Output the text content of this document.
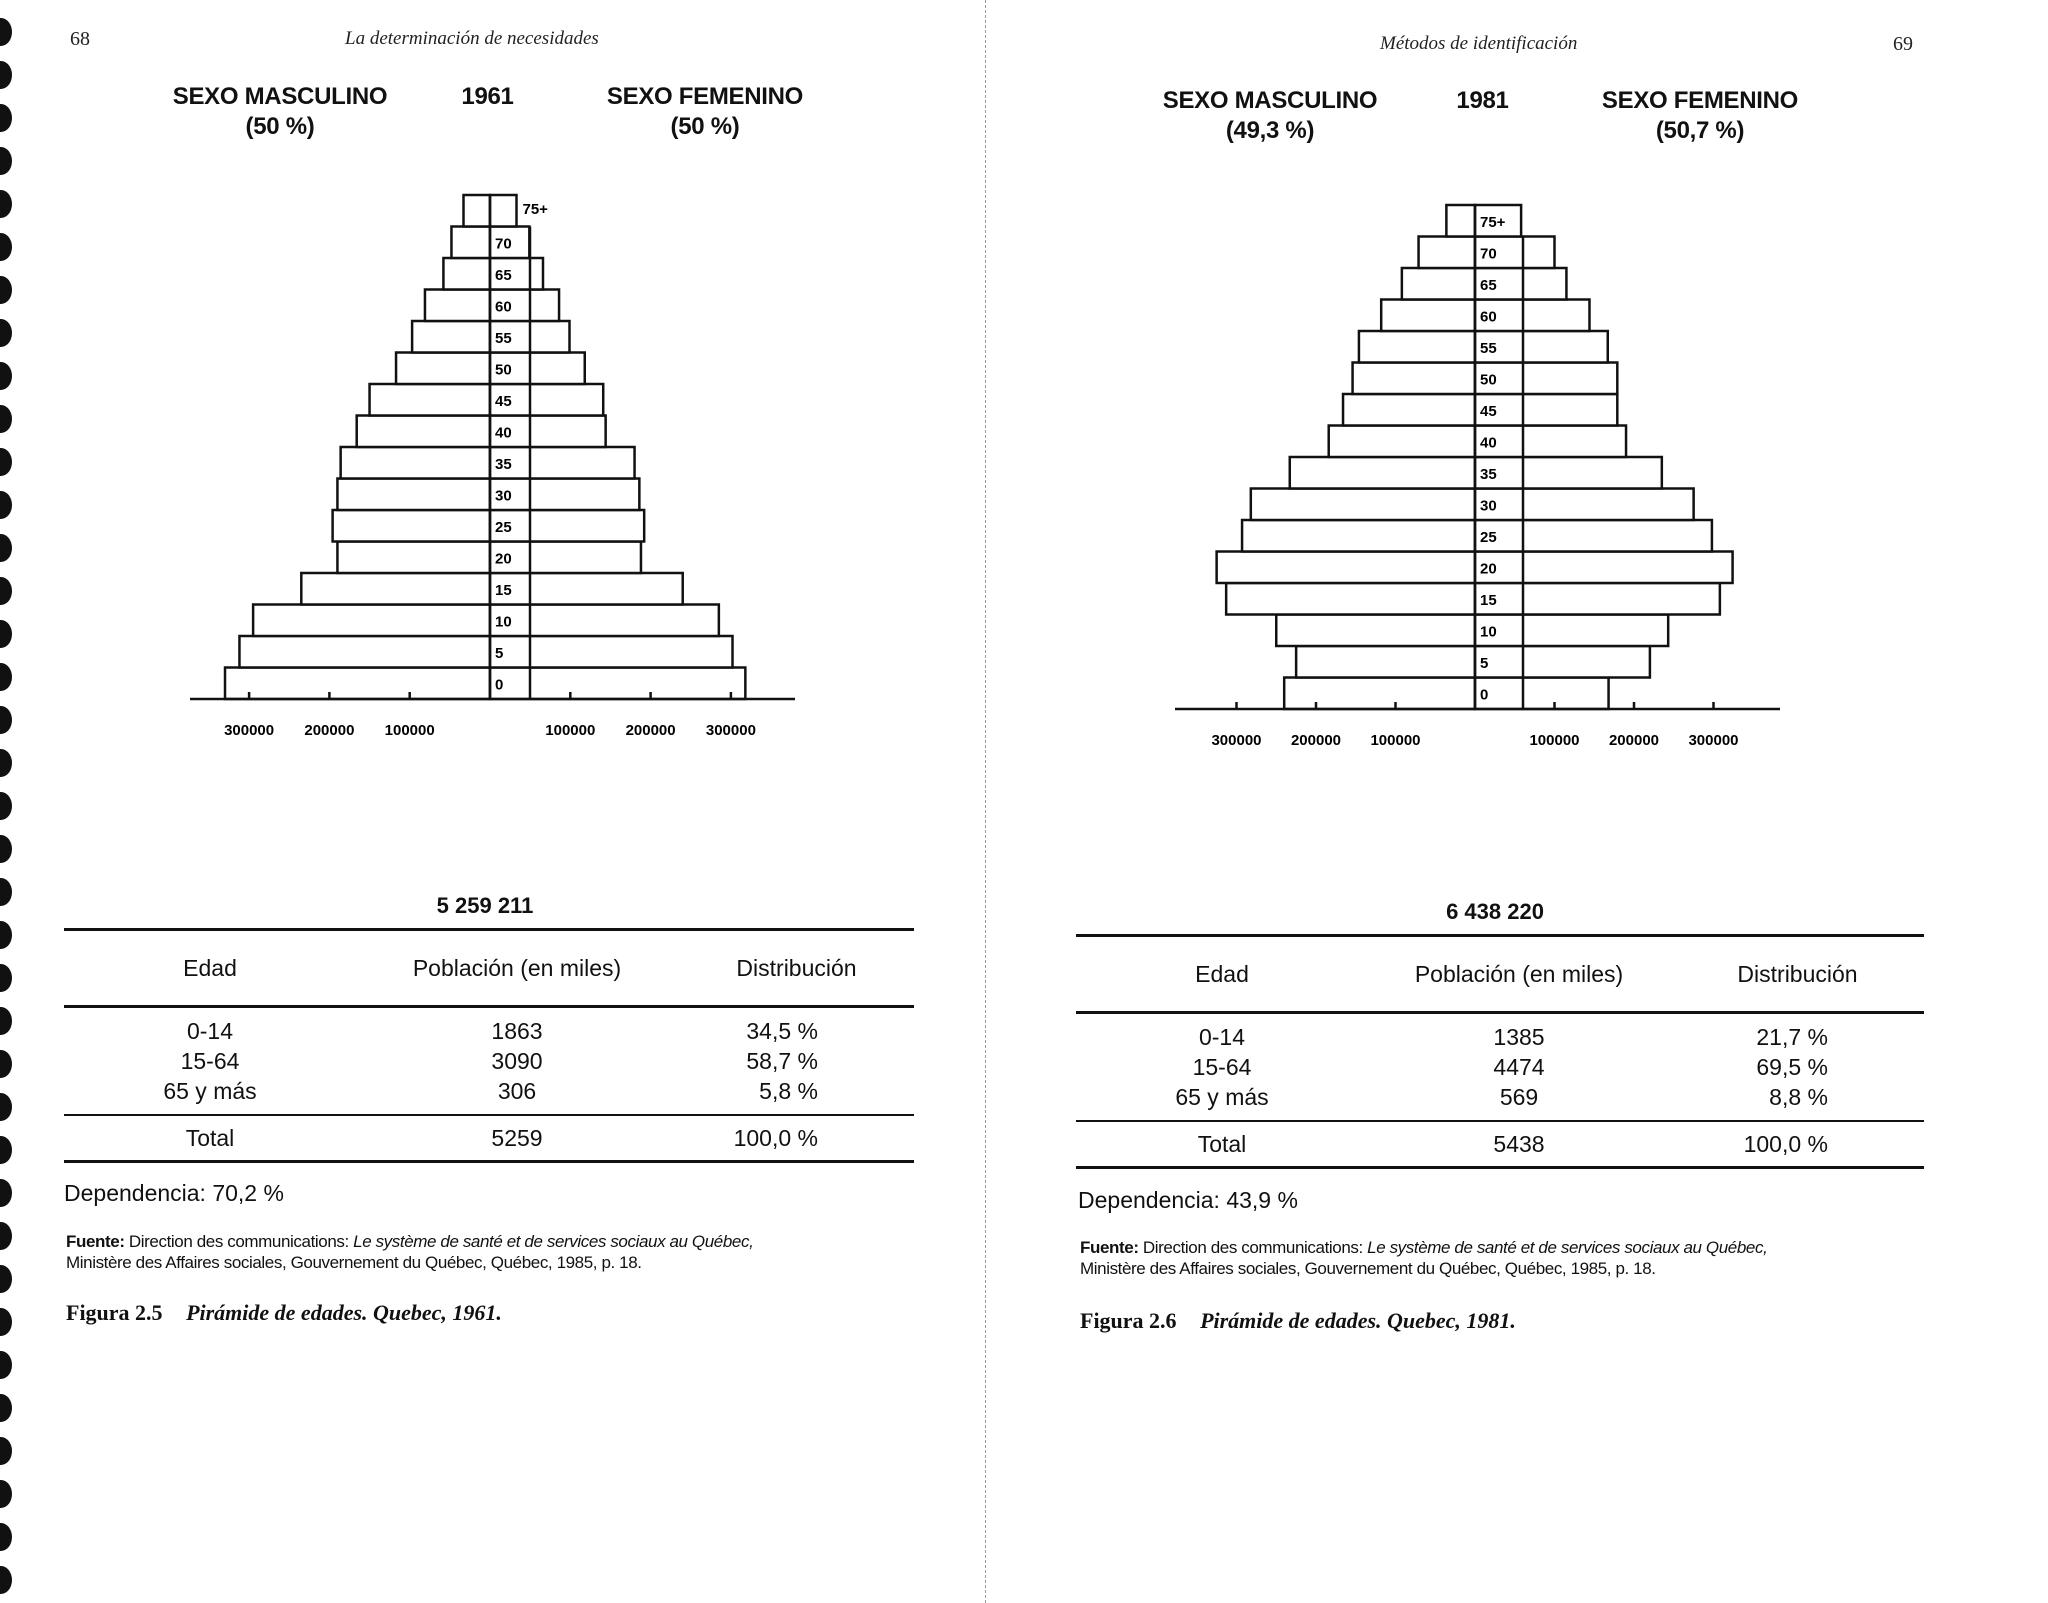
68	La determinación de necesidades
SEXO MASCULINO
(50 %)
1961	SEXO FEMENINO
(50 %)
0
5
10
15
20
25
30
35
40
45
50
55
60
65
70
75+
300000 200000 100000	100000 200000 300000
5 259 211
Edad	Población (en miles)	Distribución
0-14	1863	34,5 %
15-64	3090	58,7 %
65 y más	306	5,8 %
Total	5259	100,0 %
Dependencia: 70,2 %
Fuente: Direction des communications: Le système de santé et de services sociaux au Québec,
Ministère des Affaires sociales, Gouvernement du Québec, Québec, 1985, p. 18.
Figura 2.5 Pirámide de edades. Quebec, 1961.
Métodos de identificación	69
SEXO MASCULINO
(49,3 %)
1981	SEXO FEMENINO
(50,7 %)
0
5
10
15
20
25
30
35
40
45
50
55
60
65
70
75+
300000 200000 100000	100000 200000 300000
6 438 220
Edad	Población (en miles)	Distribución
0-14	1385	21,7 %
15-64	4474	69,5 %
65 y más	569	8,8 %
Total	5438	100,0 %
Dependencia: 43,9 %
Fuente: Direction des communications: Le système de santé et de services sociaux au Québec,
Ministère des Affaires sociales, Gouvernement du Québec, Québec, 1985, p. 18.
Figura 2.6 Pirámide de edades. Quebec, 1981.
